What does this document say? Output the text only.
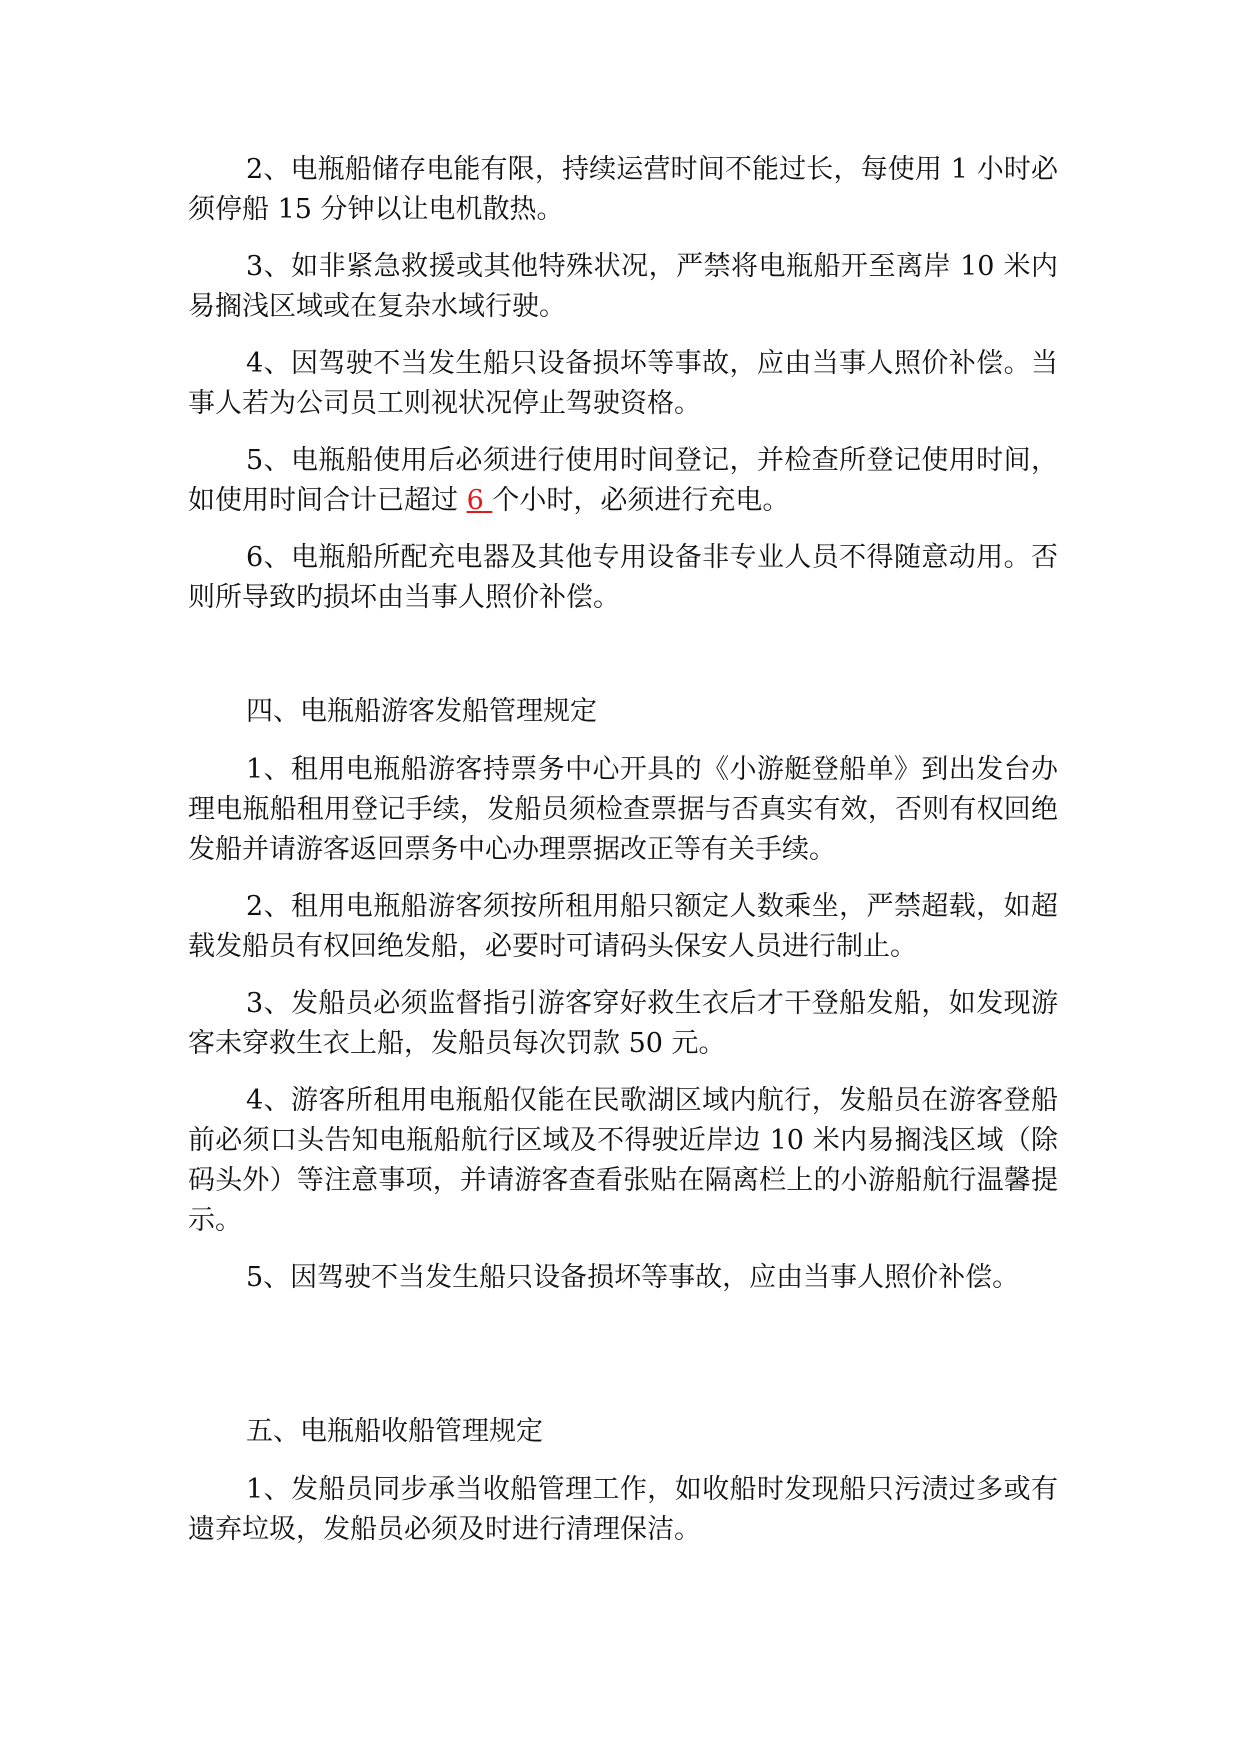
2、电瓶船储存电能有限，持续运营时间不能过长，每使用 1 小时必须停船 15 分钟以让电机散热。

3、如非紧急救援或其他特殊状况，严禁将电瓶船开至离岸 10 米内易搁浅区域或在复杂水域行驶。

4、因驾驶不当发生船只设备损坏等事故，应由当事人照价补偿。当事人若为公司员工则视状况停止驾驶资格。

5、电瓶船使用后必须进行使用时间登记，并检查所登记使用时间，如使用时间合计已超过 6 个小时，必须进行充电。

6、电瓶船所配充电器及其他专用设备非专业人员不得随意动用。否则所导致旳损坏由当事人照价补偿。

四、电瓶船游客发船管理规定

1、租用电瓶船游客持票务中心开具的《小游艇登船单》到出发台办理电瓶船租用登记手续，发船员须检查票据与否真实有效，否则有权回绝发船并请游客返回票务中心办理票据改正等有关手续。

2、租用电瓶船游客须按所租用船只额定人数乘坐，严禁超载，如超载发船员有权回绝发船，必要时可请码头保安人员进行制止。

3、发船员必须监督指引游客穿好救生衣后才干登船发船，如发现游客未穿救生衣上船，发船员每次罚款 50 元。

4、游客所租用电瓶船仅能在民歌湖区域内航行，发船员在游客登船前必须口头告知电瓶船航行区域及不得驶近岸边 10 米内易搁浅区域（除码头外）等注意事项，并请游客查看张贴在隔离栏上的小游船航行温馨提示。

5、因驾驶不当发生船只设备损坏等事故，应由当事人照价补偿。

五、电瓶船收船管理规定

1、发船员同步承当收船管理工作，如收船时发现船只污渍过多或有遗弃垃圾，发船员必须及时进行清理保洁。
